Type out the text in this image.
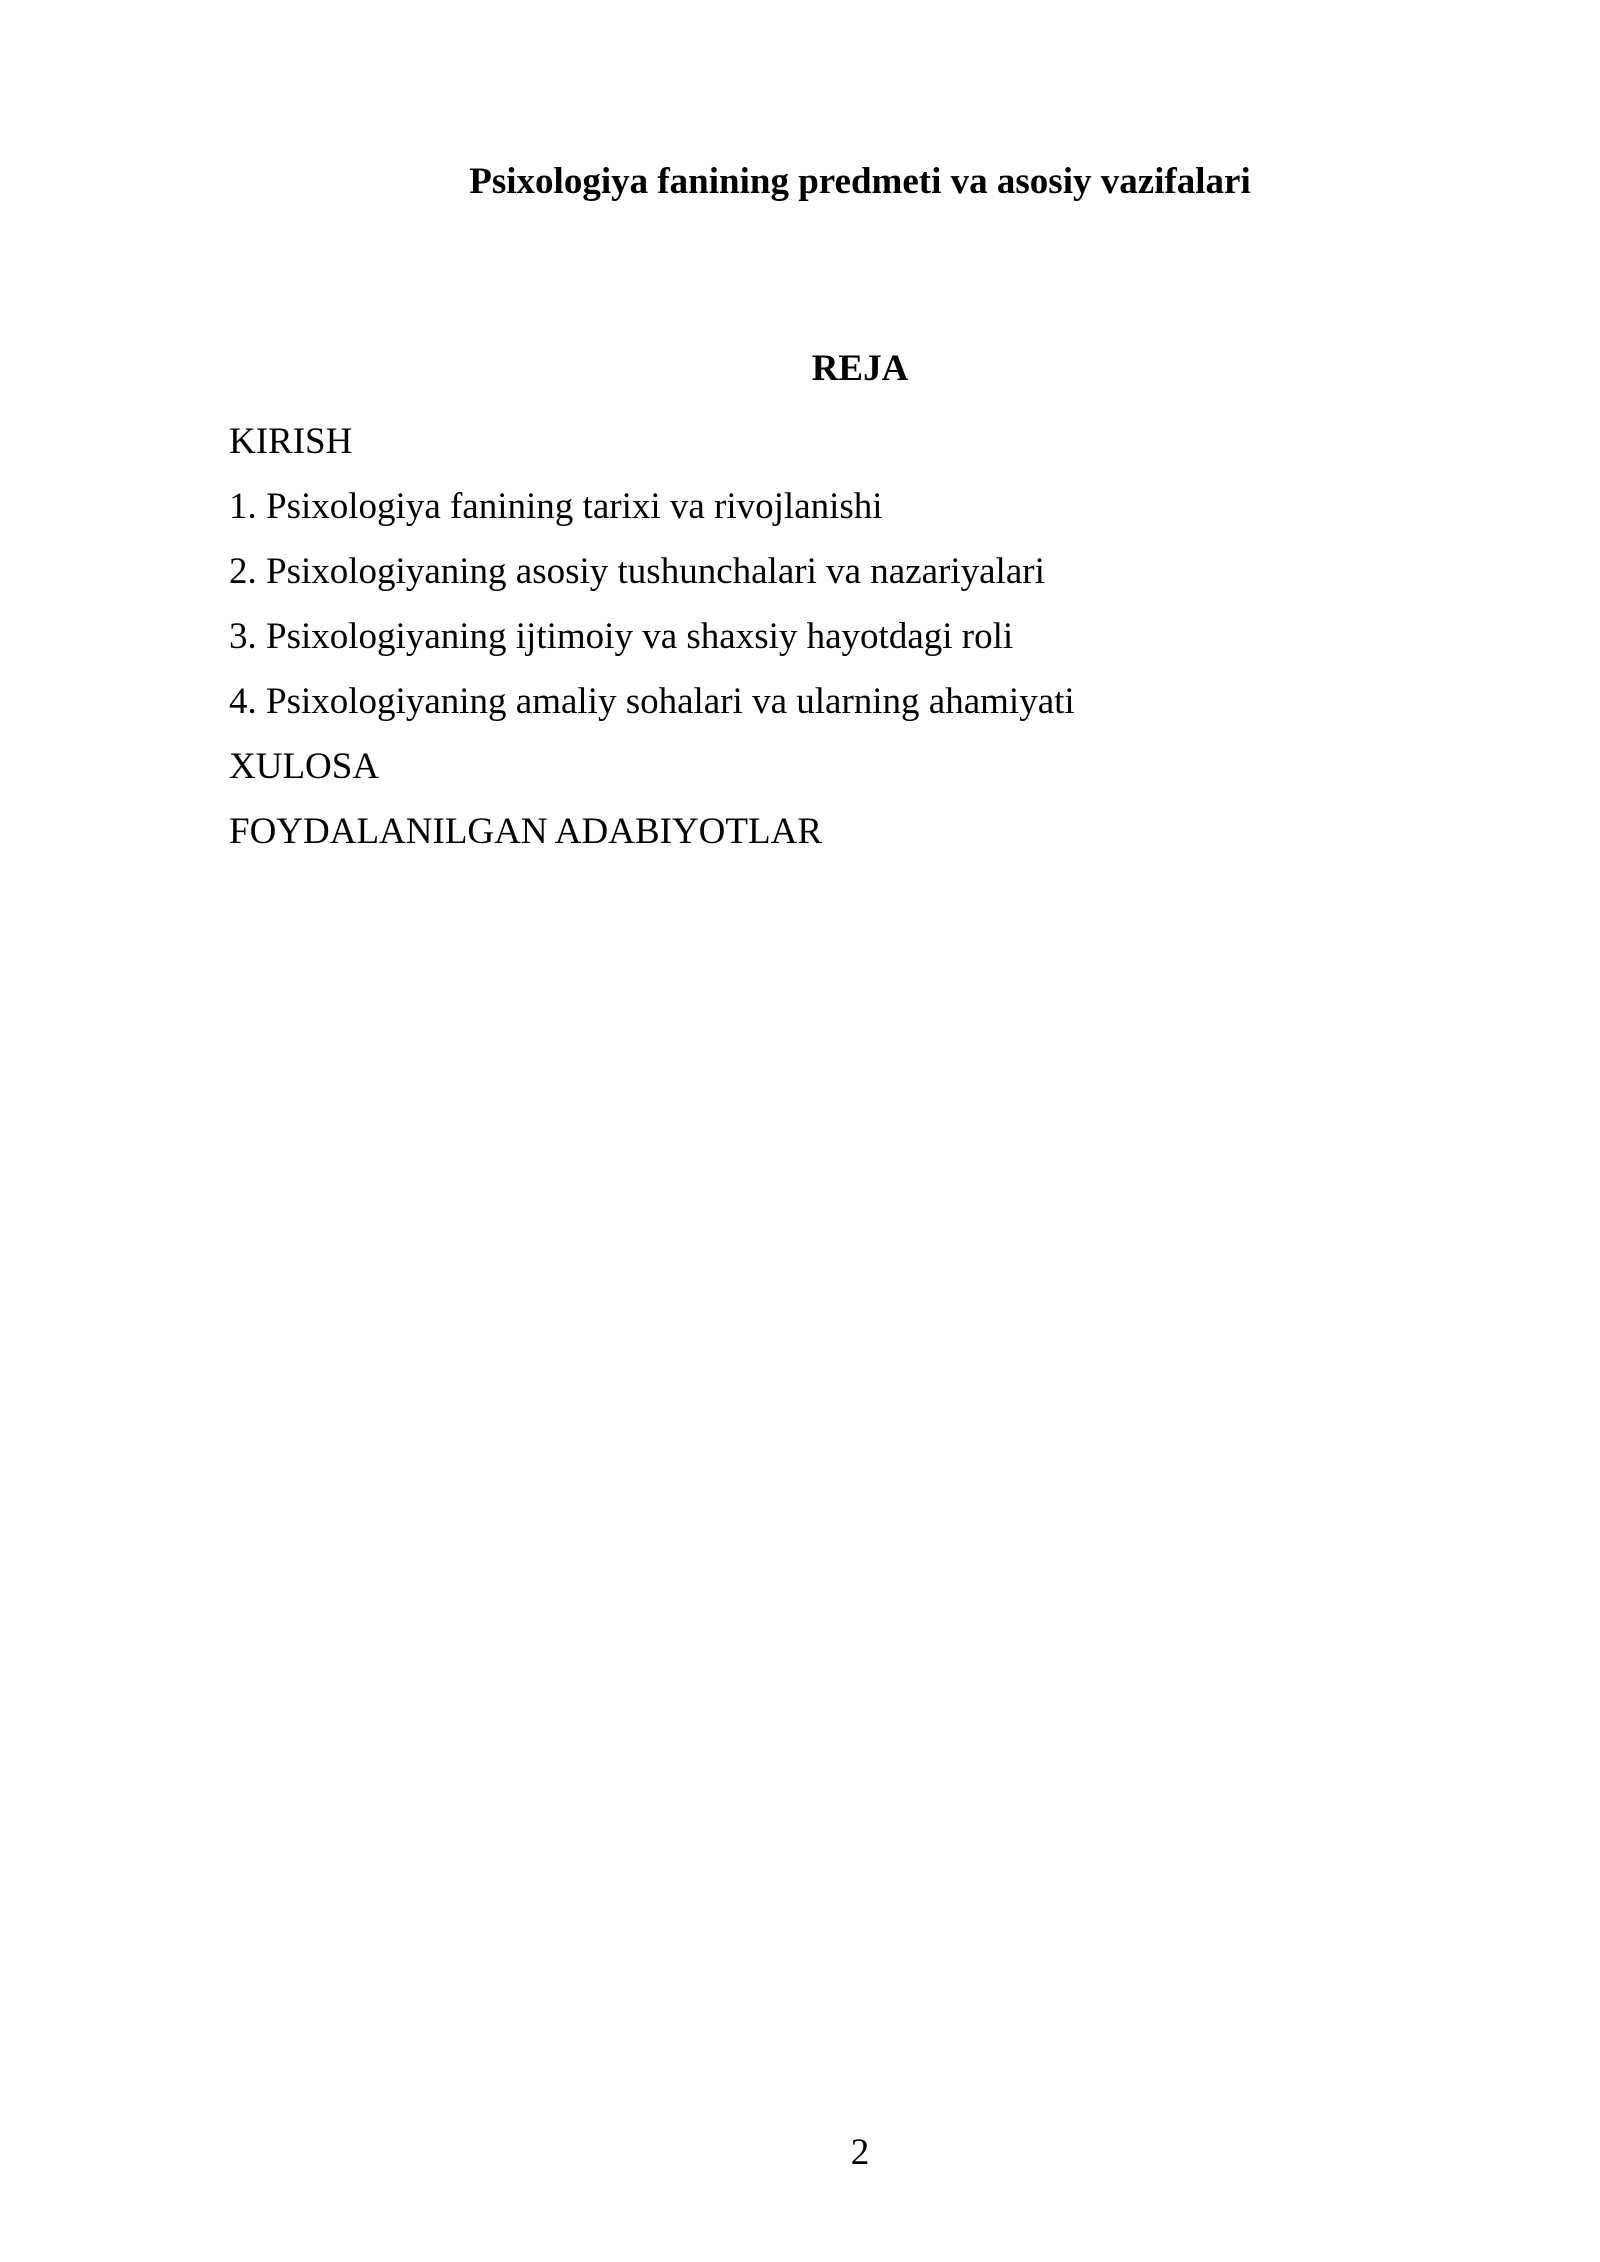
Psixologiya fanining predmeti va asosiy vazifalari
REJA
KIRISH
1. Psixologiya fanining tarixi va rivojlanishi
2. Psixologiyaning asosiy tushunchalari va nazariyalari
3. Psixologiyaning ijtimoiy va shaxsiy hayotdagi roli
4. Psixologiyaning amaliy sohalari va ularning ahamiyati
XULOSA
FOYDALANILGAN ADABIYOTLAR
2
